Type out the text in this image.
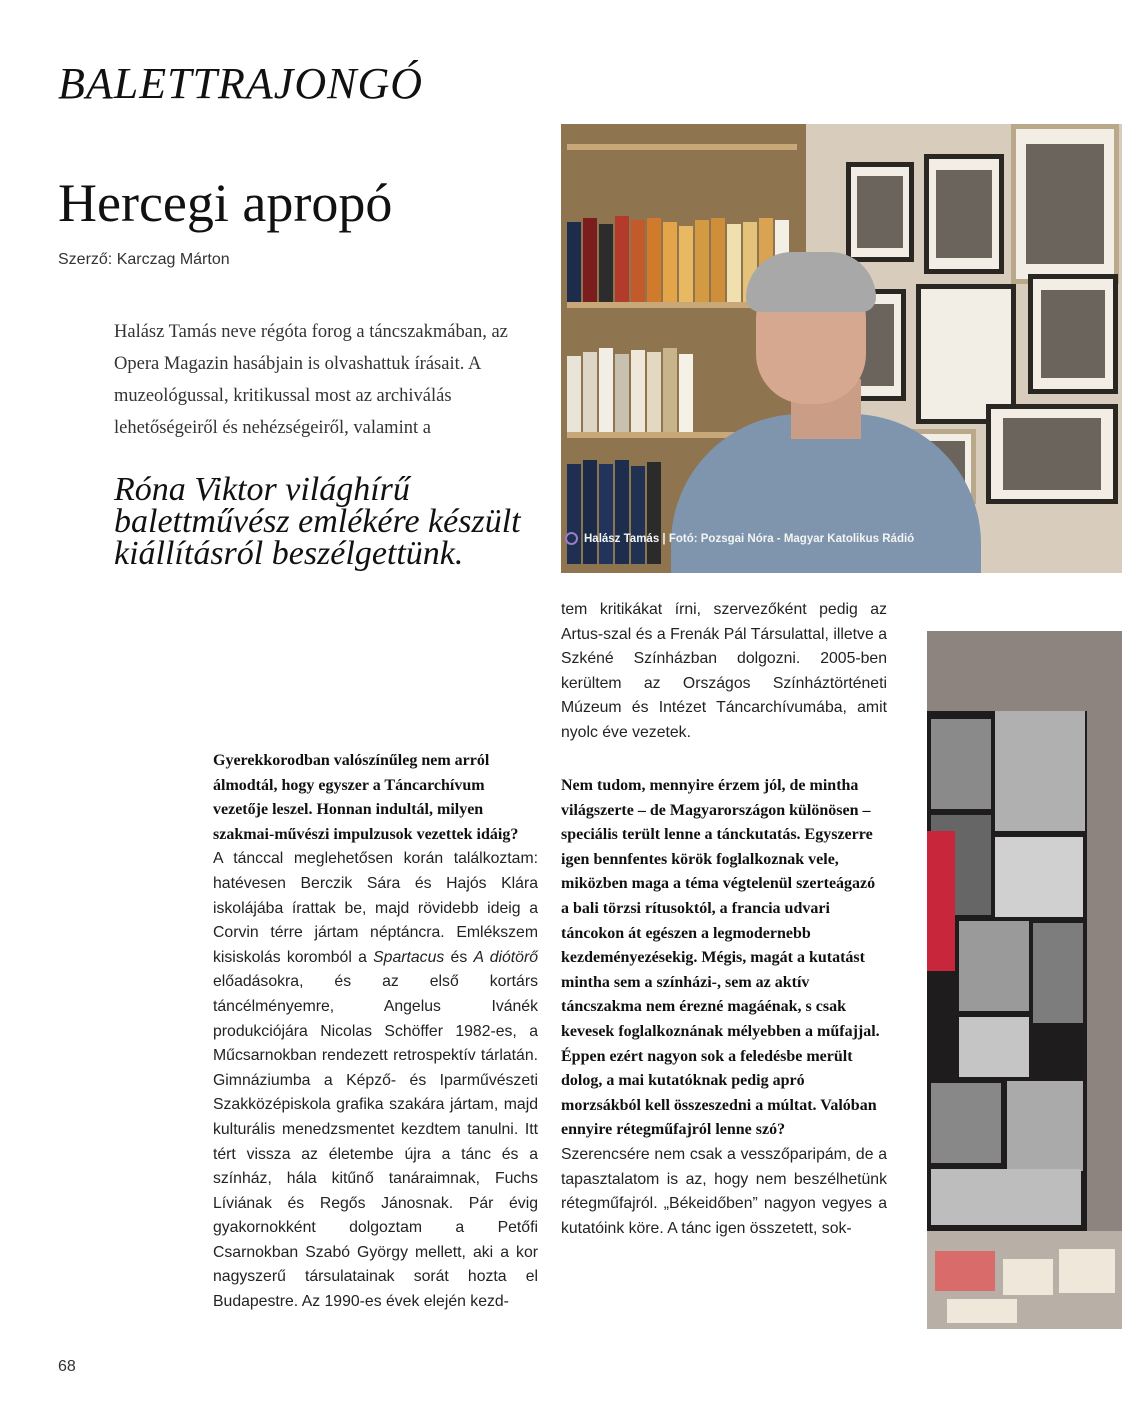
BALETTRAJONGÓ
Hercegi apropó
Szerző: Karczag Márton

Halász Tamás neve régóta forog a táncszakmában, az Opera Magazin hasábjain is olvashattuk írásait. A muzeológussal, kritikussal most az archiválás lehetőségeiről és nehézségeiről, valamint a

Róna Viktor világhírű balettművész emlékére készült kiállításról beszélgettünk.	Halász Tamás | Fotó: Pozsgai Nóra - Magyar Katolikus Rádió

Gyerekkorodban valószínűleg nem arról álmodtál, hogy egyszer a Táncarchívum vezetője leszel. Honnan indultál, milyen szakmai-művészi impulzusok vezettek idáig?

A tánccal meglehetősen korán találkoztam: hatévesen Berczik Sára és Hajós Klára iskolájába írattak be, majd rövidebb ideig a Corvin térre jártam néptáncra. Emlékszem kisiskolás koromból a Spartacus és A diótörő előadásokra, és az első kortárs táncélményemre, Angelus Ivánék produkciójára Nicolas Schöffer 1982-es, a Műcsarnokban rendezett retrospektív tárlatán. Gimnáziumba a Képző- és Iparművészeti Szakközépiskola grafika szakára jártam, majd kulturális menedzsmentet kezdtem tanulni. Itt tért vissza az életembe újra a tánc és a színház, hála kitűnő tanáraimnak, Fuchs Líviának és Regős Jánosnak. Pár évig gyakornokként dolgoztam a Petőfi Csarnokban Szabó György mellett, aki a kor nagyszerű társulatainak sorát hozta el Budapestre. Az 1990-es évek elején kezd-

tem kritikákat írni, szervezőként pedig az Artus-szal és a Frenák Pál Társulattal, illetve a Szkéné Színházban dolgozni. 2005-ben kerültem az Országos Színháztörténeti Múzeum és Intézet Táncarchívumába, amit nyolc éve vezetek.

Nem tudom, mennyire érzem jól, de mintha világszerte – de Magyarországon különösen – speciális terült lenne a tánckutatás. Egyszerre igen bennfentes körök foglalkoznak vele, miközben maga a téma végtelenül szerteágazó a bali törzsi rítusoktól, a francia udvari táncokon át egészen a legmodernebb kezdeményezésekig. Mégis, magát a kutatást mintha sem a színházi-, sem az aktív táncszakma nem érezné magáénak, s csak kevesek foglalkoznának mélyebben a műfajjal. Éppen ezért nagyon sok a feledésbe merült dolog, a mai kutatóknak pedig apró morzsákból kell összeszedni a múltat. Valóban ennyire rétegműfajról lenne szó?

Szerencsére nem csak a vesszőparipám, de a tapasztalatom is az, hogy nem beszélhetünk rétegműfajról. „Békeidőben” nagyon vegyes a kutatóink köre. A tánc igen összetett, sok-

68
